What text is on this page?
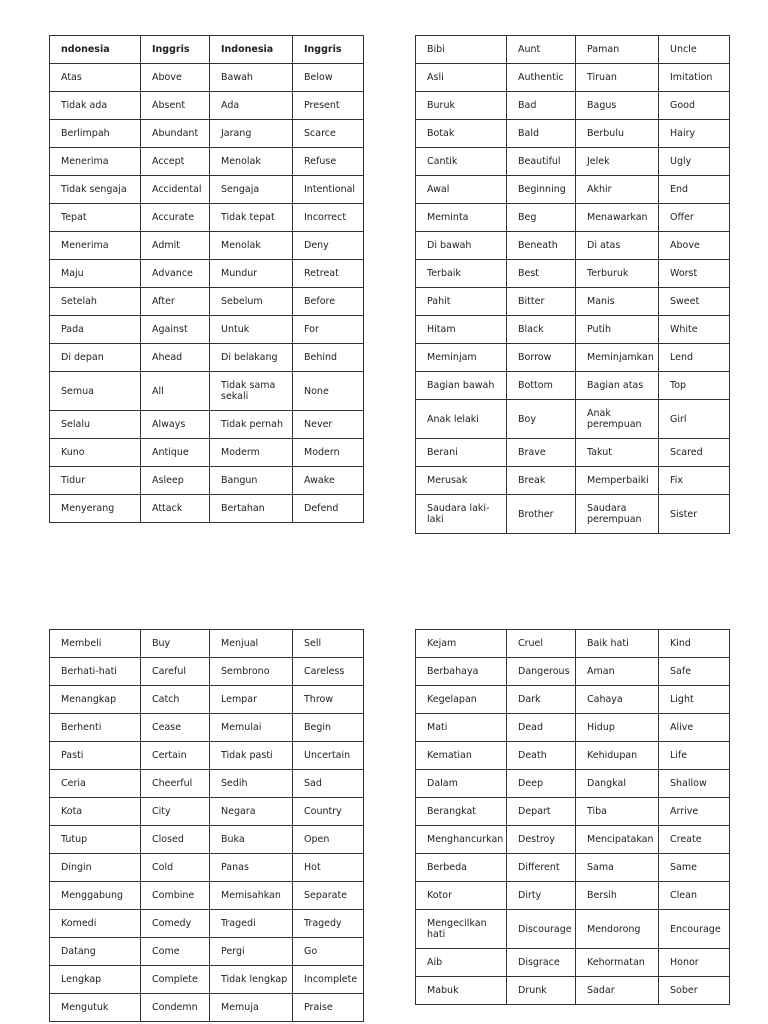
ndonesia	Inggris	Indonesia	Inggris
Atas	Above	Bawah	Below
Tidak ada	Absent	Ada	Present
Berlimpah	Abundant	Jarang	Scarce
Menerima	Accept	Menolak	Refuse
Tidak sengaja	Accidental	Sengaja	Intentional
Tepat	Accurate	Tidak tepat	Incorrect
Menerima	Admit	Menolak	Deny
Maju	Advance	Mundur	Retreat
Setelah	After	Sebelum	Before
Pada	Against	Untuk	For
Di depan	Ahead	Di belakang	Behind
Semua	All	Tidak sama sekali	None
Selalu	Always	Tidak pernah	Never
Kuno	Antique	Moderm	Modern
Tidur	Asleep	Bangun	Awake
Menyerang	Attack	Bertahan	Defend
Bibi	Aunt	Paman	Uncle
Asli	Authentic	Tiruan	Imitation
Buruk	Bad	Bagus	Good
Botak	Bald	Berbulu	Hairy
Cantik	Beautiful	Jelek	Ugly
Awal	Beginning	Akhir	End
Meminta	Beg	Menawarkan	Offer
Di bawah	Beneath	Di atas	Above
Terbaik	Best	Terburuk	Worst
Pahit	Bitter	Manis	Sweet
Hitam	Black	Putih	White
Meminjam	Borrow	Meminjamkan	Lend
Bagian bawah	Bottom	Bagian atas	Top
Anak lelaki	Boy	Anak perempuan	Girl
Berani	Brave	Takut	Scared
Merusak	Break	Memperbaiki	Fix
Saudara laki-laki	Brother	Saudara perempuan	Sister
Membeli	Buy	Menjual	Sell
Berhati-hati	Careful	Sembrono	Careless
Menangkap	Catch	Lempar	Throw
Berhenti	Cease	Memulai	Begin
Pasti	Certain	Tidak pasti	Uncertain
Ceria	Cheerful	Sedih	Sad
Kota	City	Negara	Country
Tutup	Closed	Buka	Open
Dingin	Cold	Panas	Hot
Menggabung	Combine	Memisahkan	Separate
Komedi	Comedy	Tragedi	Tragedy
Datang	Come	Pergi	Go
Lengkap	Complete	Tidak lengkap	Incomplete
Mengutuk	Condemn	Memuja	Praise
Kejam	Cruel	Baik hati	Kind
Berbahaya	Dangerous	Aman	Safe
Kegelapan	Dark	Cahaya	Light
Mati	Dead	Hidup	Alive
Kematian	Death	Kehidupan	Life
Dalam	Deep	Dangkal	Shallow
Berangkat	Depart	Tiba	Arrive
Menghancurkan	Destroy	Mencipatakan	Create
Berbeda	Different	Sama	Same
Kotor	Dirty	Bersih	Clean
Mengecilkan hati	Discourage	Mendorong	Encourage
Aib	Disgrace	Kehormatan	Honor
Mabuk	Drunk	Sadar	Sober
